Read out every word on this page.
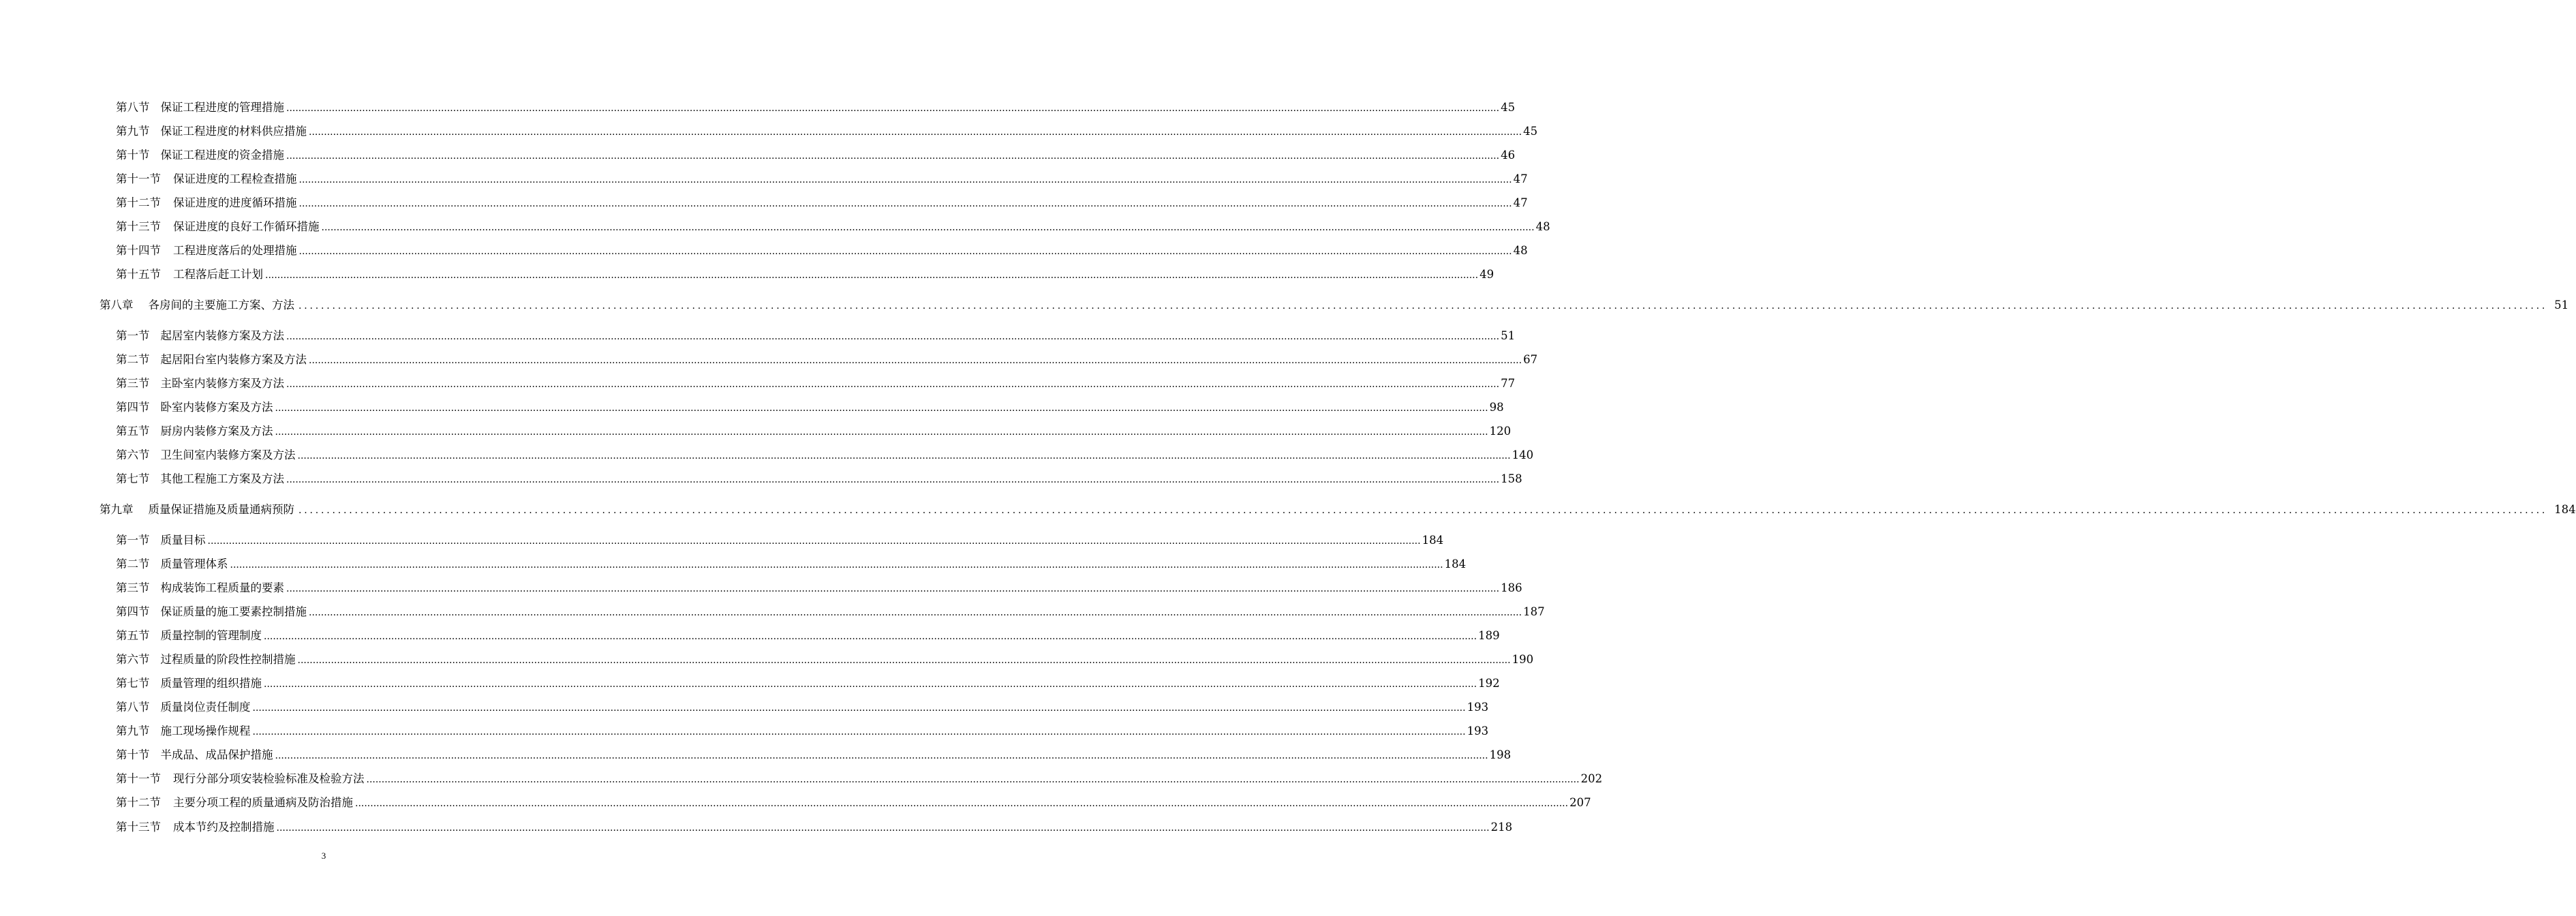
第八节 保证工程进度的管理措施 ................................................................................................................................................................................................................................................................................................................................................................................................................ 45
第九节 保证工程进度的材料供应措施 ................................................................................................................................................................................................................................................................................................................................................................................................................ 45
第十节 保证工程进度的资金措施 ................................................................................................................................................................................................................................................................................................................................................................................................................ 46
第十一节 保证进度的工程检查措施 ................................................................................................................................................................................................................................................................................................................................................................................................................ 47
第十二节 保证进度的进度循环措施 ................................................................................................................................................................................................................................................................................................................................................................................................................ 47
第十三节 保证进度的良好工作循环措施 ................................................................................................................................................................................................................................................................................................................................................................................................................ 48
第十四节 工程进度落后的处理措施 ................................................................................................................................................................................................................................................................................................................................................................................................................ 48
第十五节 工程落后赶工计划 ................................................................................................................................................................................................................................................................................................................................................................................................................ 49
第八章 各房间的主要施工方案、方法 ................................................................................................................................................................................................................................................................................................................................................................................................................ 51
第一节 起居室内装修方案及方法 ................................................................................................................................................................................................................................................................................................................................................................................................................ 51
第二节 起居阳台室内装修方案及方法 ................................................................................................................................................................................................................................................................................................................................................................................................................ 67
第三节 主卧室内装修方案及方法 ................................................................................................................................................................................................................................................................................................................................................................................................................ 77
第四节 卧室内装修方案及方法 ................................................................................................................................................................................................................................................................................................................................................................................................................ 98
第五节 厨房内装修方案及方法 ................................................................................................................................................................................................................................................................................................................................................................................................................ 120
第六节 卫生间室内装修方案及方法 ................................................................................................................................................................................................................................................................................................................................................................................................................ 140
第七节 其他工程施工方案及方法 ................................................................................................................................................................................................................................................................................................................................................................................................................ 158
第九章 质量保证措施及质量通病预防 ................................................................................................................................................................................................................................................................................................................................................................................................................ 184
第一节 质量目标 ................................................................................................................................................................................................................................................................................................................................................................................................................ 184
第二节 质量管理体系 ................................................................................................................................................................................................................................................................................................................................................................................................................ 184
第三节 构成装饰工程质量的要素 ................................................................................................................................................................................................................................................................................................................................................................................................................ 186
第四节 保证质量的施工要素控制措施 ................................................................................................................................................................................................................................................................................................................................................................................................................ 187
第五节 质量控制的管理制度 ................................................................................................................................................................................................................................................................................................................................................................................................................ 189
第六节 过程质量的阶段性控制措施 ................................................................................................................................................................................................................................................................................................................................................................................................................ 190
第七节 质量管理的组织措施 ................................................................................................................................................................................................................................................................................................................................................................................................................ 192
第八节 质量岗位责任制度 ................................................................................................................................................................................................................................................................................................................................................................................................................ 193
第九节 施工现场操作规程 ................................................................................................................................................................................................................................................................................................................................................................................................................ 193
第十节 半成品、成品保护措施 ................................................................................................................................................................................................................................................................................................................................................................................................................ 198
第十一节 现行分部分项安装检验标准及检验方法 ................................................................................................................................................................................................................................................................................................................................................................................................................ 202
第十二节 主要分项工程的质量通病及防治措施 ................................................................................................................................................................................................................................................................................................................................................................................................................ 207
第十三节 成本节约及控制措施 ................................................................................................................................................................................................................................................................................................................................................................................................................ 218
3
